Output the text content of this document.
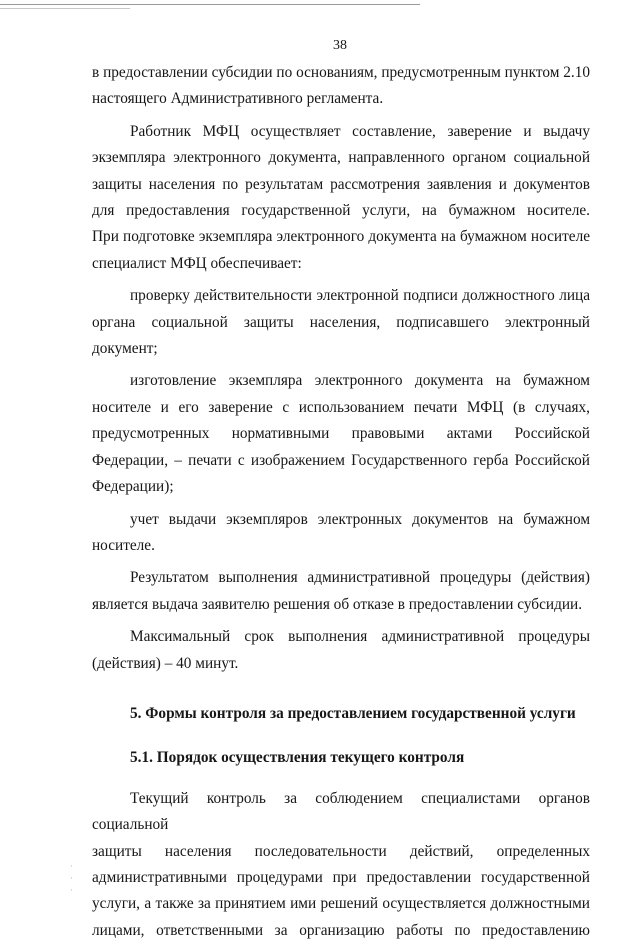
38

в предоставлении субсидии по основаниям, предусмотренным пунктом 2.10

настоящего Административного регламента.

Работник МФЦ осуществляет составление, заверение и выдачу

экземпляра электронного документа, направленного органом социальной

защиты населения по результатам рассмотрения заявления и документов

для предоставления государственной услуги, на бумажном носителе.

При подготовке экземпляра электронного документа на бумажном носителе

специалист МФЦ обеспечивает:

проверку действительности электронной подписи должностного лица

органа социальной защиты населения, подписавшего электронный документ;

изготовление экземпляра электронного документа на бумажном

носителе и его заверение с использованием печати МФЦ (в случаях,

предусмотренных нормативными правовыми актами Российской

Федерации, – печати с изображением Государственного герба Российской

Федерации);

учет выдачи экземпляров электронных документов на бумажном

носителе.

Результатом выполнения административной процедуры (действия)

является выдача заявителю решения об отказе в предоставлении субсидии.

Максимальный срок выполнения административной процедуры

(действия) – 40 минут.

5. Формы контроля за предоставлением государственной услуги

5.1. Порядок осуществления текущего контроля

Текущий контроль за соблюдением специалистами органов социальной

защиты населения последовательности действий, определенных

административными процедурами при предоставлении государственной

услуги, а также за принятием ими решений осуществляется должностными

лицами, ответственными за организацию работы по предоставлению

·
·
·
